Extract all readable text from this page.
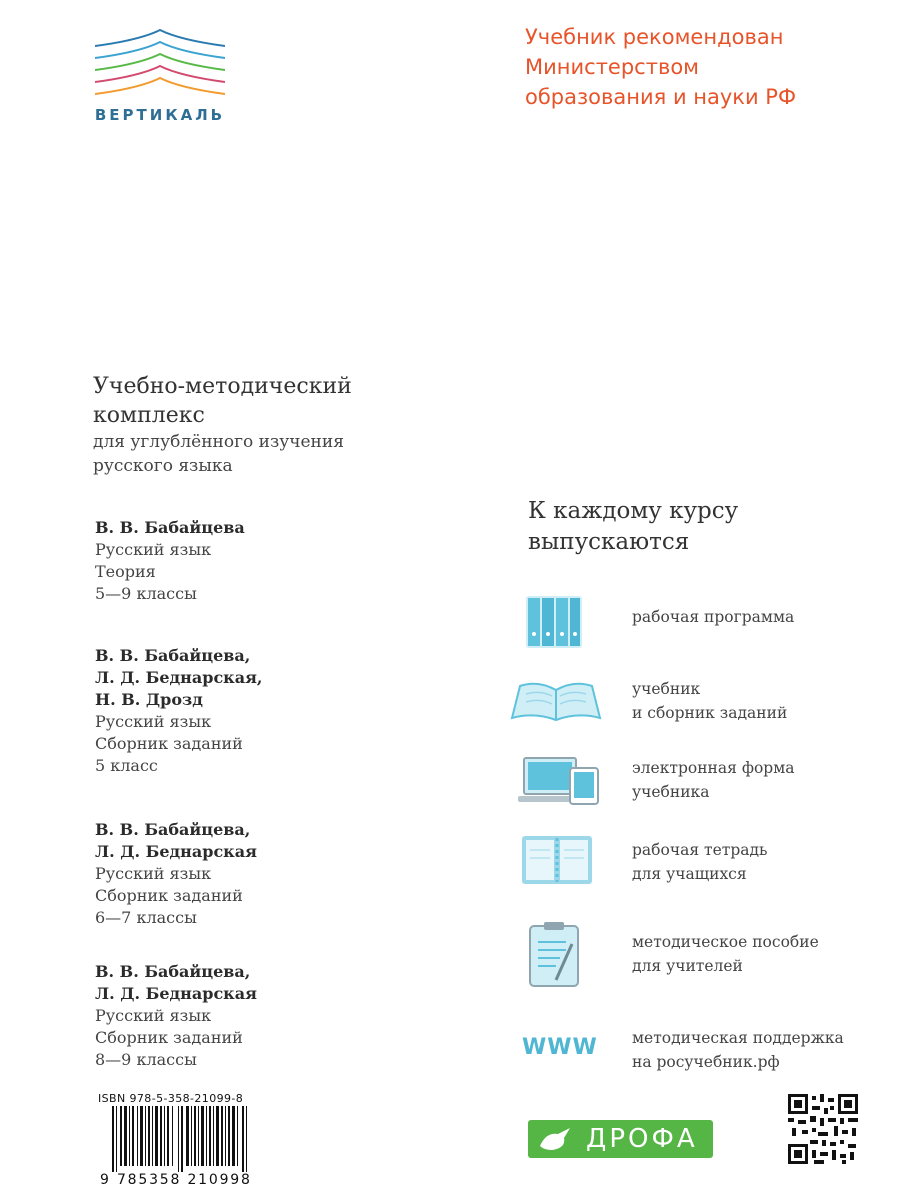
ВЕРТИКАЛЬ
Учебник рекомендован
Министерством
образования и науки РФ
Учебно-методический
комплекс
для углублённого изучения
русского языка
В. В. Бабайцева
Русский язык
Теория
5—9 классы
В. В. Бабайцева,
Л. Д. Беднарская,
Н. В. Дрозд
Русский язык
Сборник заданий
5 класс
В. В. Бабайцева,
Л. Д. Беднарская
Русский язык
Сборник заданий
6—7 классы
В. В. Бабайцева,
Л. Д. Беднарская
Русский язык
Сборник заданий
8—9 классы
К каждому курсу
выпускаются
рабочая программа
учебник
и сборник заданий
электронная форма
учебника
рабочая тетрадь
для учащихся
методическое пособие
для учителей
WWW методическая поддержка
на росучебник.рф
ISBN 978-5-358-21099-8
9 785358 210998
ДРОФА
